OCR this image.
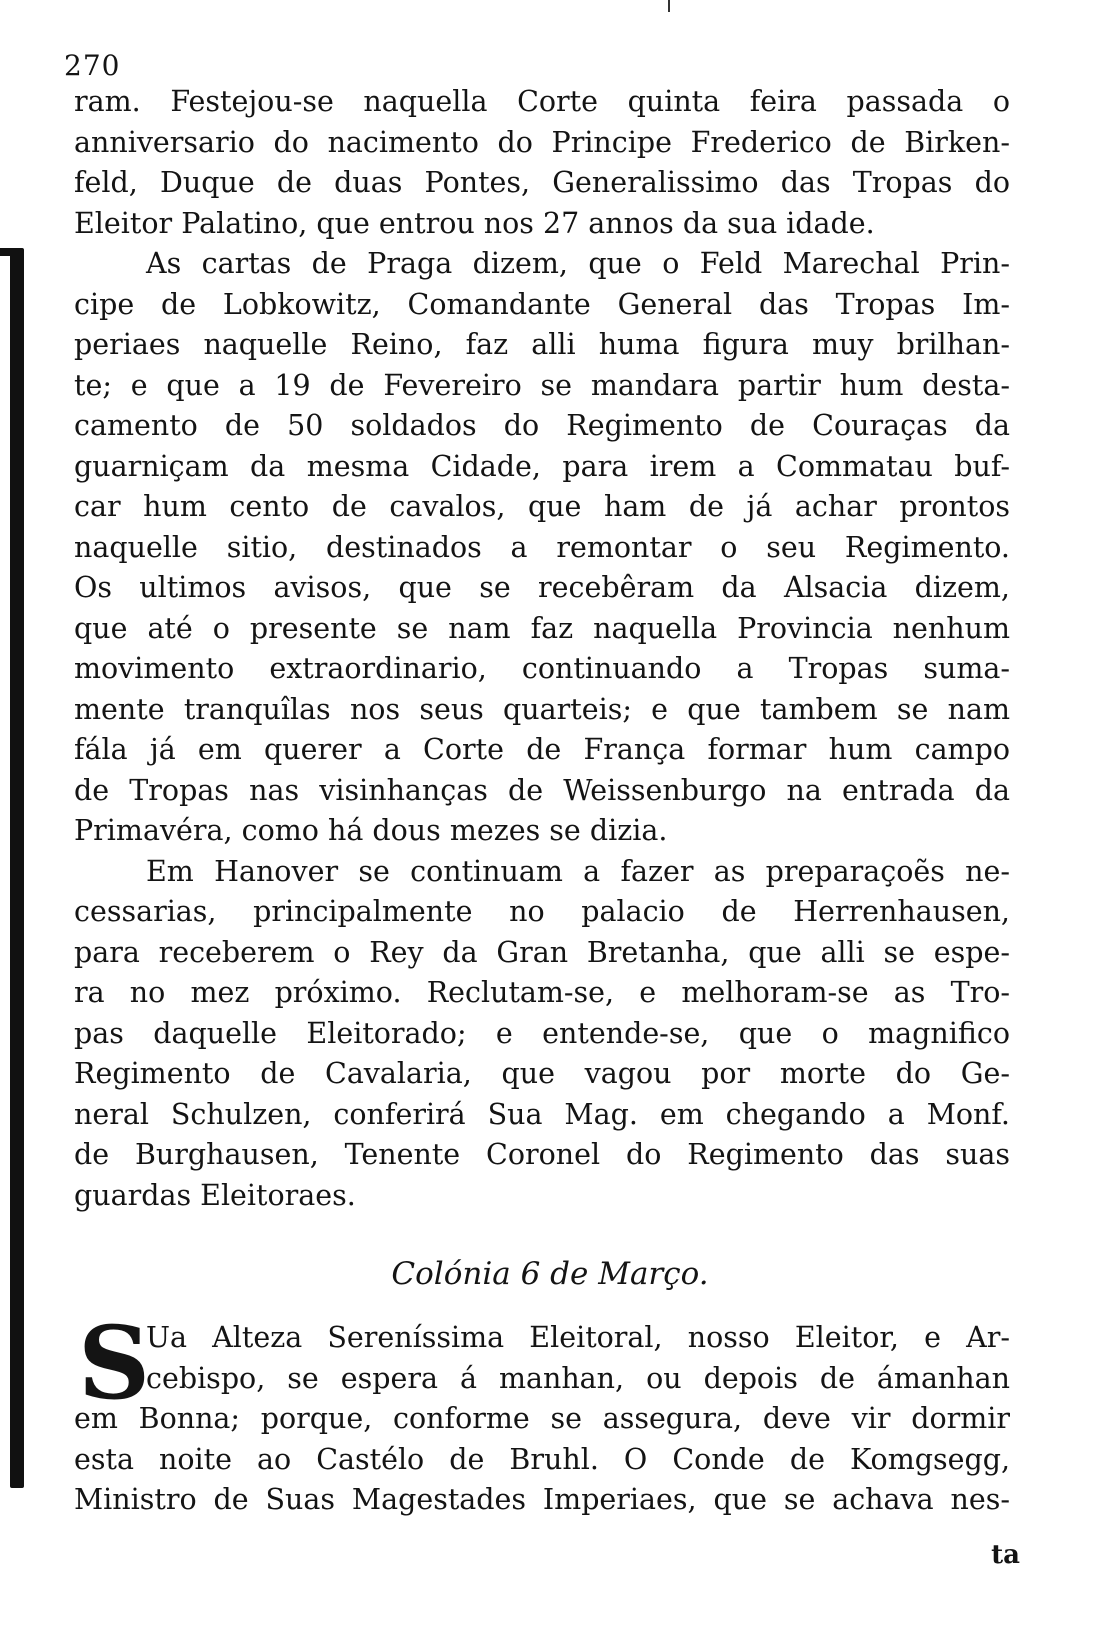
270
ram. Festejou-se naquella Corte quinta feira passada o
anniversario do nacimento do Principe Frederico de Birken-
feld, Duque de duas Pontes, Generalissimo das Tropas do
Eleitor Palatino, que entrou nos 27 annos da sua idade.
As cartas de Praga dizem, que o Feld Marechal Prin-
cipe de Lobkowitz, Comandante General das Tropas Im-
periaes naquelle Reino, faz alli huma figura muy brilhan-
te; e que a 19 de Fevereiro se mandara partir hum desta-
camento de 50 soldados do Regimento de Couraças da
guarniçam da mesma Cidade, para irem a Commatau buf-
car hum cento de cavalos, que ham de já achar prontos
naquelle sitio, destinados a remontar o seu Regimento.
Os ultimos avisos, que se recebêram da Alsacia dizem,
que até o presente se nam faz naquella Provincia nenhum
movimento extraordinario, continuando a Tropas suma-
mente tranquîlas nos seus quarteis; e que tambem se nam
fála já em querer a Corte de França formar hum campo
de Tropas nas visinhanças de Weissenburgo na entrada da
Primavéra, como há dous mezes se dizia.
Em Hanover se continuam a fazer as preparaçoẽs ne-
cessarias, principalmente no palacio de Herrenhausen,
para receberem o Rey da Gran Bretanha, que alli se espe-
ra no mez próximo. Reclutam-se, e melhoram-se as Tro-
pas daquelle Eleitorado; e entende-se, que o magnifico
Regimento de Cavalaria, que vagou por morte do Ge-
neral Schulzen, conferirá Sua Mag. em chegando a Monf.
de Burghausen, Tenente Coronel do Regimento das suas
guardas Eleitoraes.
Colónia 6 de Março.
S
Ua Alteza Sereníssima Eleitoral, nosso Eleitor, e Ar-
cebispo, se espera á manhan, ou depois de ámanhan
em Bonna; porque, conforme se assegura, deve vir dormir
esta noite ao Castélo de Bruhl. O Conde de Komgsegg,
Ministro de Suas Magestades Imperiaes, que se achava nes-
ta
